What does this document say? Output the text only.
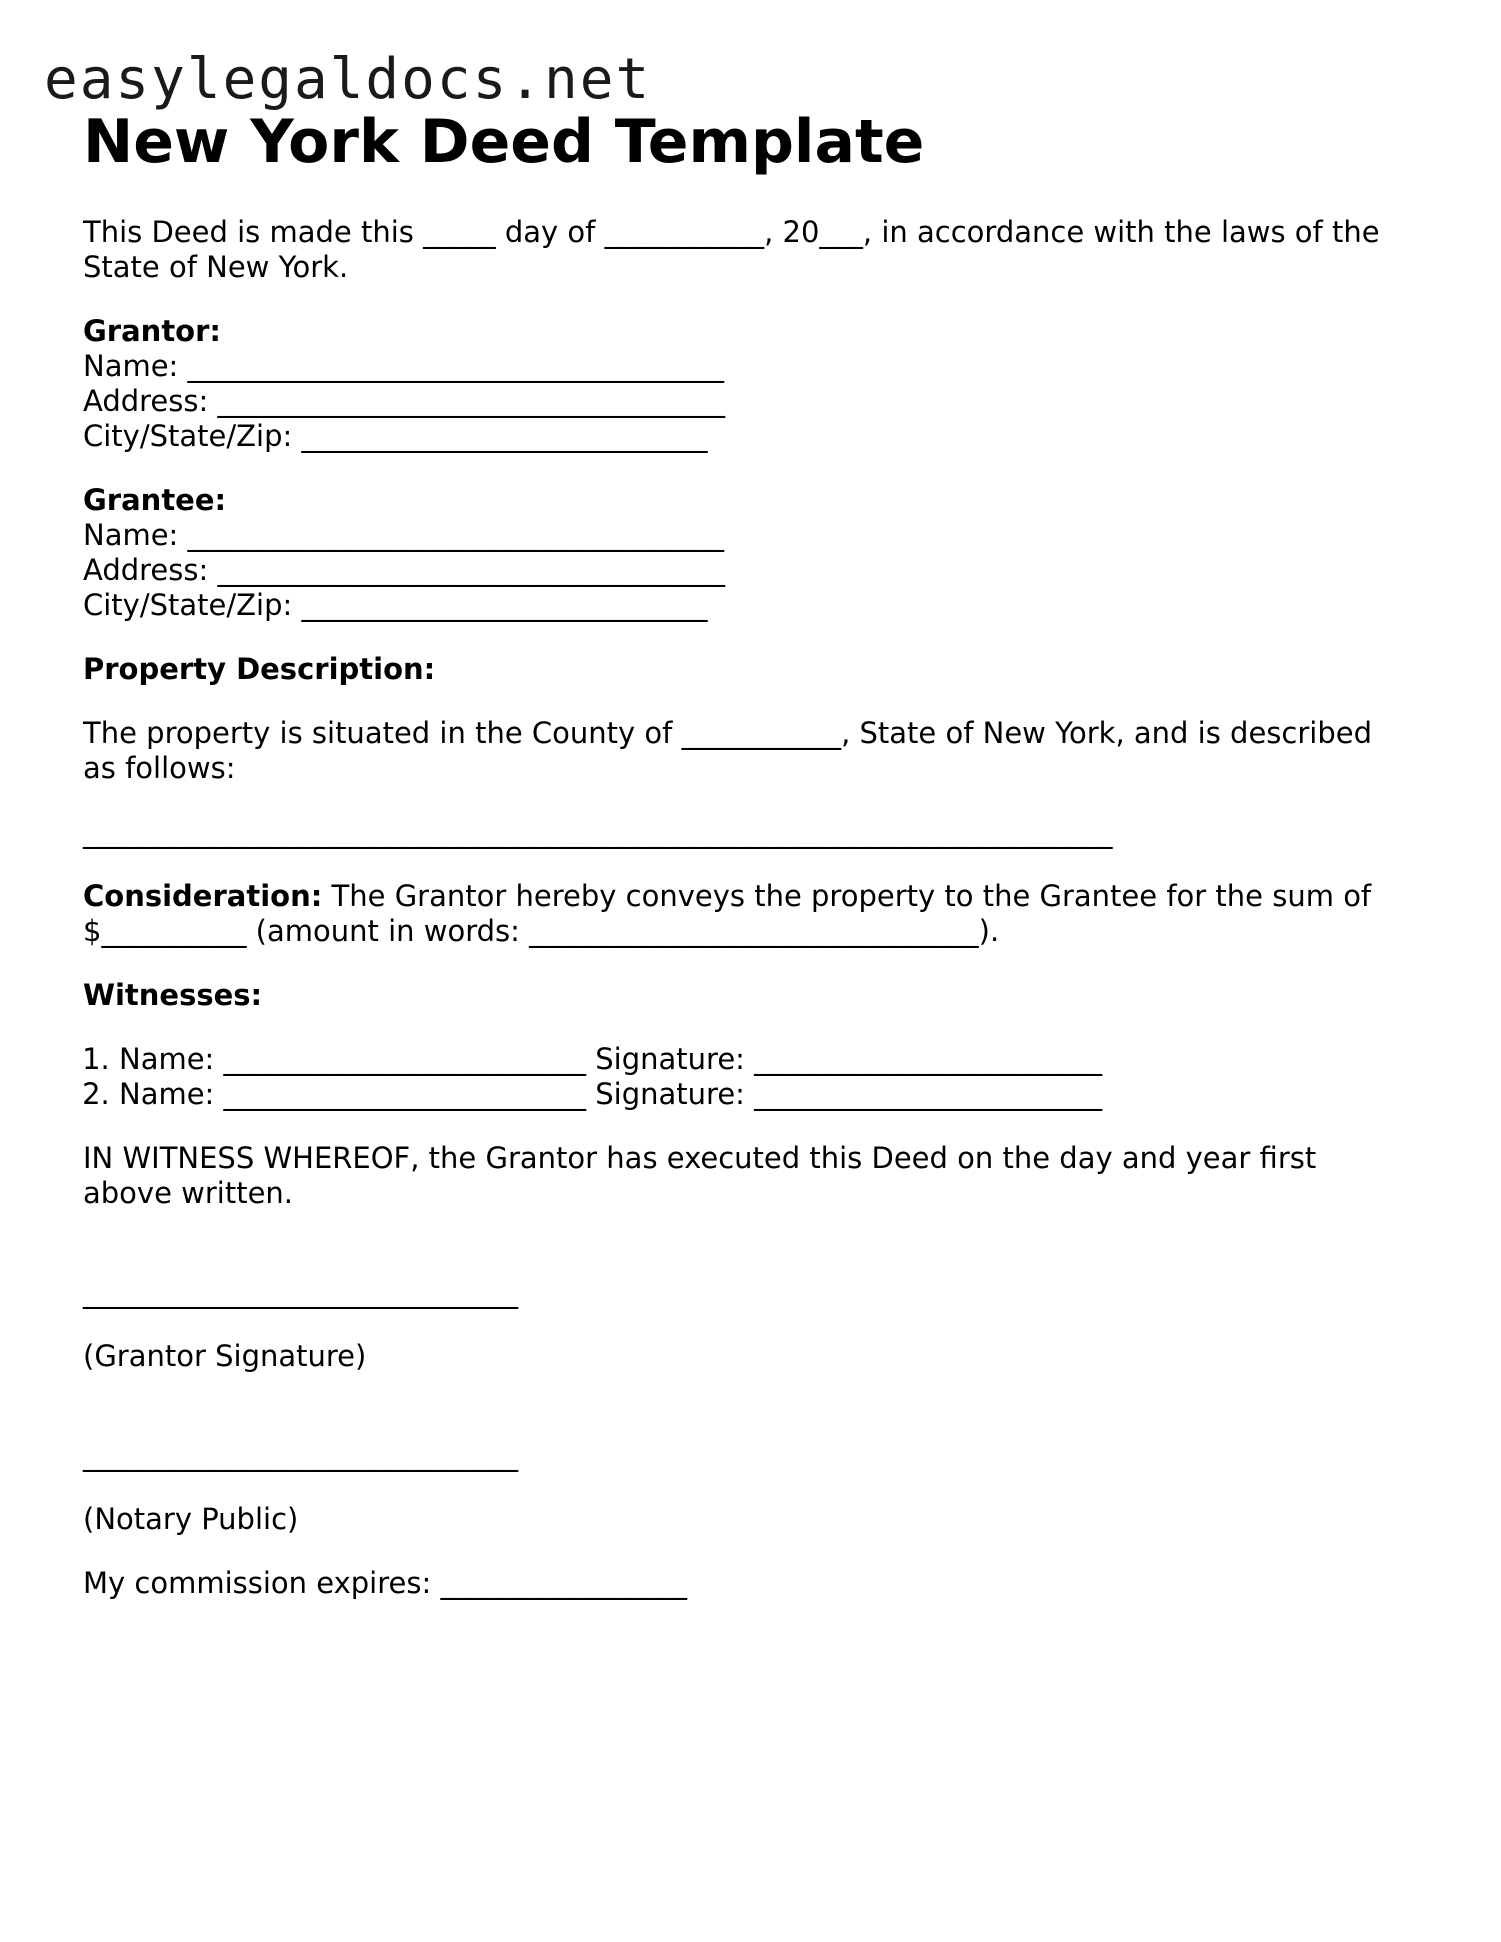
easylegaldocs.net
New York Deed Template

This Deed is made this _____ day of ___________, 20___, in accordance with the laws of the State of New York.

Grantor:
Name: _____________________________________
Address: ___________________________________
City/State/Zip: ____________________________
Grantee:
Name: _____________________________________
Address: ___________________________________
City/State/Zip: ____________________________

Property Description:

The property is situated in the County of ___________, State of New York, and is described as follows:

_______________________________________________________________________

Consideration: The Grantor hereby conveys the property to the Grantee for the sum of $__________ (amount in words: _______________________________).

Witnesses:

1. Name: _________________________ Signature: ________________________
2. Name: _________________________ Signature: ________________________

IN WITNESS WHEREOF, the Grantor has executed this Deed on the day and year first above written.

______________________________

(Grantor Signature)

______________________________

(Notary Public)

My commission expires: _________________
